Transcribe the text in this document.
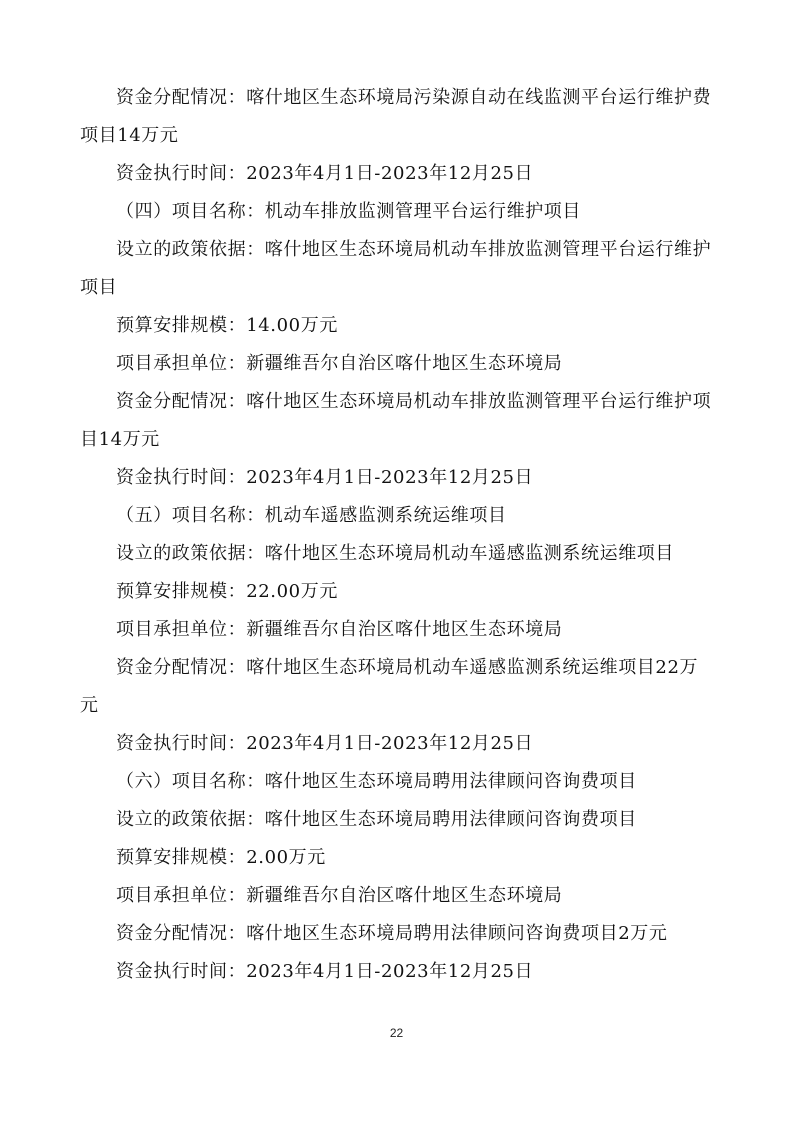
资金分配情况：喀什地区生态环境局污染源自动在线监测平台运行维护费
项目14万元
资金执行时间：2023年4月1日-2023年12月25日
（四）项目名称：机动车排放监测管理平台运行维护项目
设立的政策依据：喀什地区生态环境局机动车排放监测管理平台运行维护
项目
预算安排规模：14.00万元
项目承担单位：新疆维吾尔自治区喀什地区生态环境局
资金分配情况：喀什地区生态环境局机动车排放监测管理平台运行维护项
目14万元
资金执行时间：2023年4月1日-2023年12月25日
（五）项目名称：机动车遥感监测系统运维项目
设立的政策依据：喀什地区生态环境局机动车遥感监测系统运维项目
预算安排规模：22.00万元
项目承担单位：新疆维吾尔自治区喀什地区生态环境局
资金分配情况：喀什地区生态环境局机动车遥感监测系统运维项目22万
元
资金执行时间：2023年4月1日-2023年12月25日
（六）项目名称：喀什地区生态环境局聘用法律顾问咨询费项目
设立的政策依据：喀什地区生态环境局聘用法律顾问咨询费项目
预算安排规模：2.00万元
项目承担单位：新疆维吾尔自治区喀什地区生态环境局
资金分配情况：喀什地区生态环境局聘用法律顾问咨询费项目2万元
资金执行时间：2023年4月1日-2023年12月25日
22
